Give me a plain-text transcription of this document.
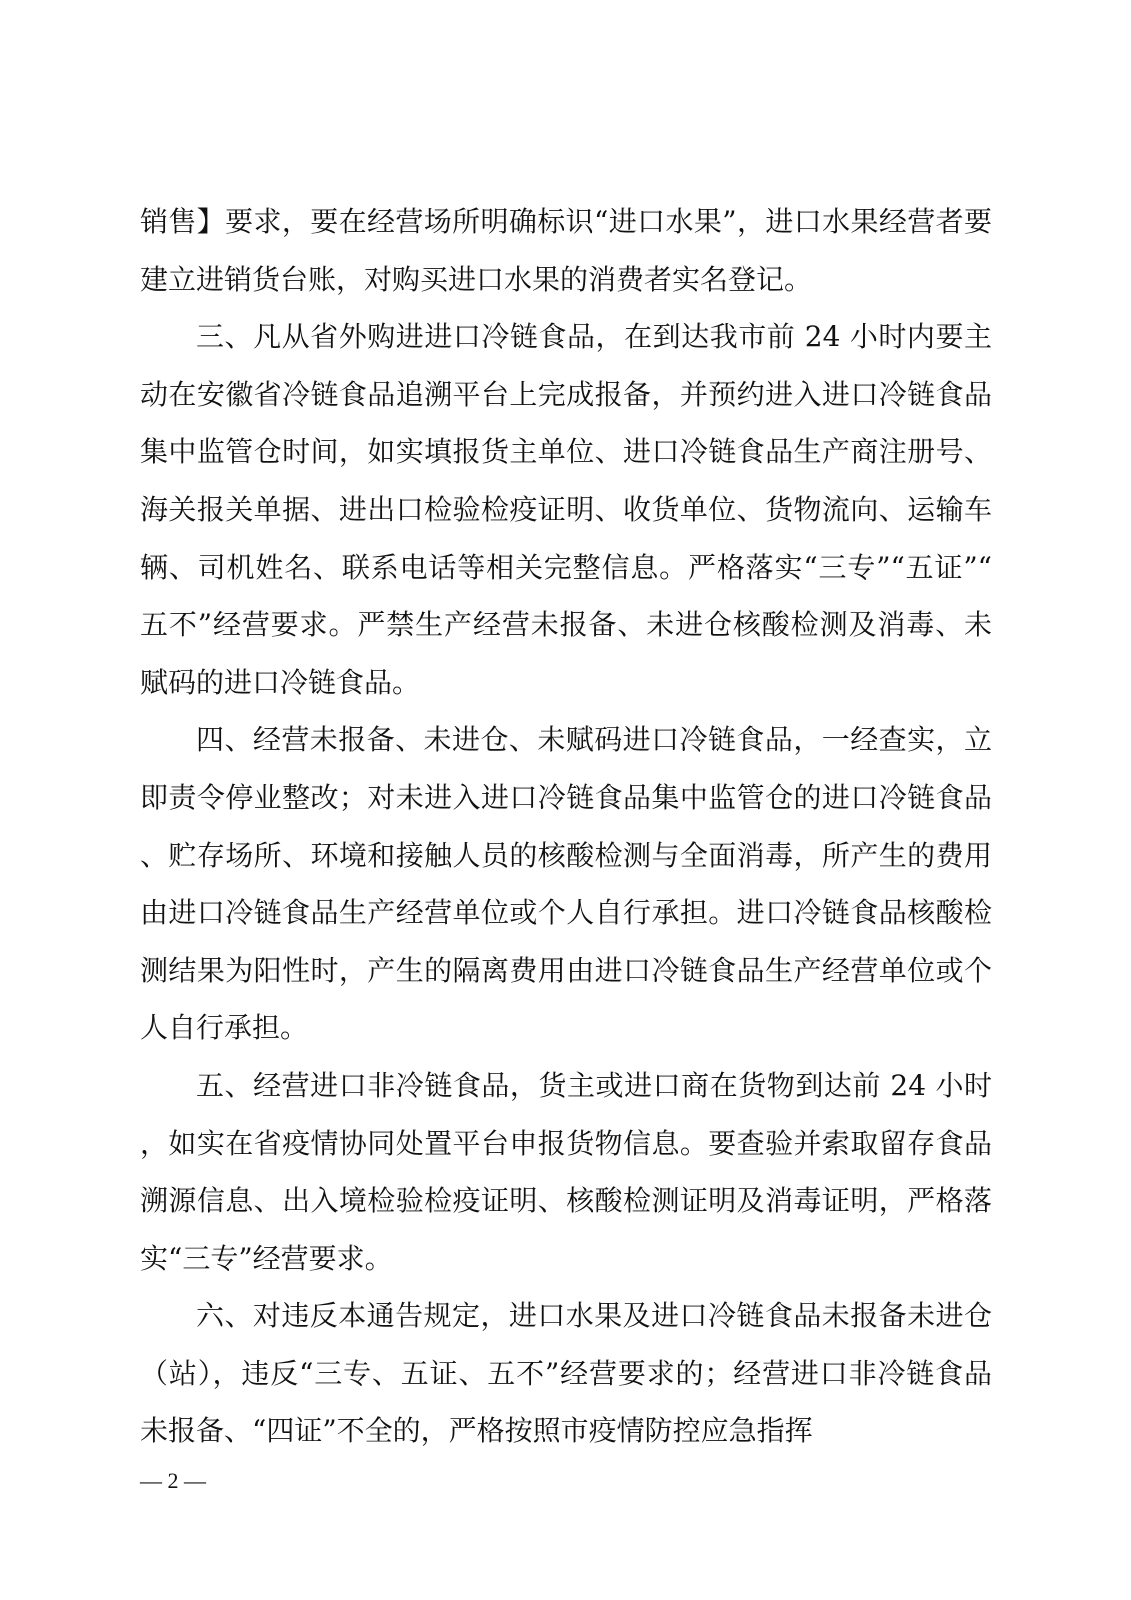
销售】要求，要在经营场所明确标识“进口水果”，进口水果经营者要建立进销货台账，对购买进口水果的消费者实名登记。

三、凡从省外购进进口冷链食品，在到达我市前 24 小时内要主动在安徽省冷链食品追溯平台上完成报备，并预约进入进口冷链食品集中监管仓时间，如实填报货主单位、进口冷链食品生产商注册号、海关报关单据、进出口检验检疫证明、收货单位、货物流向、运输车辆、司机姓名、联系电话等相关完整信息。严格落实“三专”“五证”“五不”经营要求。严禁生产经营未报备、未进仓核酸检测及消毒、未赋码的进口冷链食品。

四、经营未报备、未进仓、未赋码进口冷链食品，一经查实，立即责令停业整改；对未进入进口冷链食品集中监管仓的进口冷链食品、贮存场所、环境和接触人员的核酸检测与全面消毒，所产生的费用由进口冷链食品生产经营单位或个人自行承担。进口冷链食品核酸检测结果为阳性时，产生的隔离费用由进口冷链食品生产经营单位或个人自行承担。

五、经营进口非冷链食品，货主或进口商在货物到达前 24 小时，如实在省疫情协同处置平台申报货物信息。要查验并索取留存食品溯源信息、出入境检验检疫证明、核酸检测证明及消毒证明，严格落实“三专”经营要求。

六、对违反本通告规定，进口水果及进口冷链食品未报备未进仓（站），违反“三专、五证、五不”经营要求的；经营进口非冷链食品未报备、“四证”不全的，严格按照市疫情防控应急指挥

— 2 —
